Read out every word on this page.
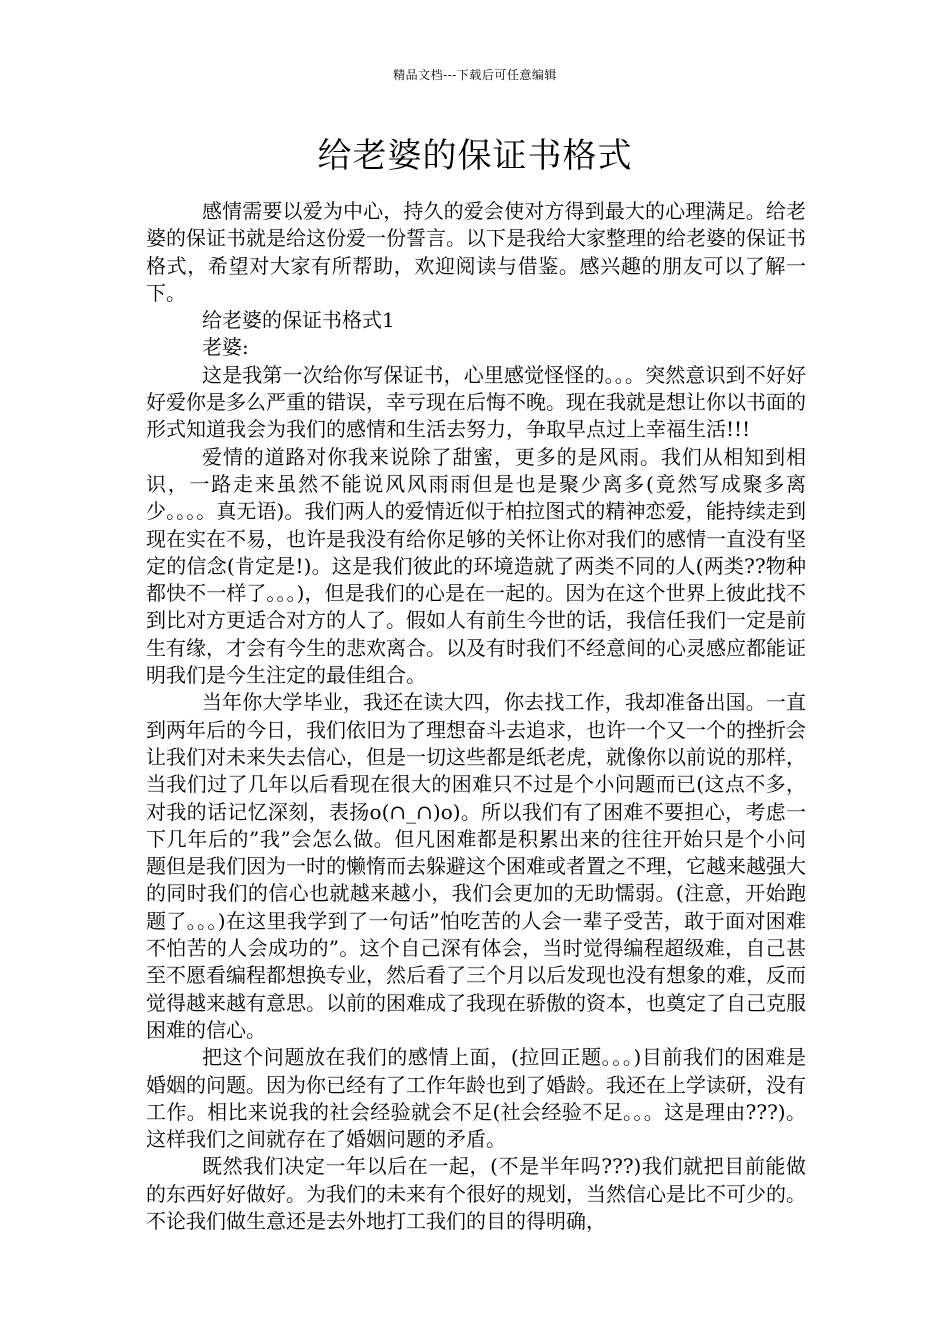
精品文档---下载后可任意编辑
给老婆的保证书格式

感情需要以爱为中心，持久的爱会使对方得到最大的心理满足。给老婆的保证书就是给这份爱一份誓言。以下是我给大家整理的给老婆的保证书格式，希望对大家有所帮助，欢迎阅读与借鉴。感兴趣的朋友可以了解一下。

给老婆的保证书格式1

老婆:

这是我第一次给你写保证书，心里感觉怪怪的。。。突然意识到不好好好爱你是多么严重的错误，幸亏现在后悔不晚。现在我就是想让你以书面的形式知道我会为我们的感情和生活去努力，争取早点过上幸福生活!!!

爱情的道路对你我来说除了甜蜜，更多的是风雨。我们从相知到相识，一路走来虽然不能说风风雨雨但是也是聚少离多(竟然写成聚多离少。。。。真无语)。我们两人的爱情近似于柏拉图式的精神恋爱，能持续走到现在实在不易，也许是我没有给你足够的关怀让你对我们的感情一直没有坚定的信念(肯定是!)。这是我们彼此的环境造就了两类不同的人(两类??物种都快不一样了。。。)，但是我们的心是在一起的。因为在这个世界上彼此找不到比对方更适合对方的人了。假如人有前生今世的话，我信任我们一定是前生有缘，才会有今生的悲欢离合。以及有时我们不经意间的心灵感应都能证明我们是今生注定的最佳组合。

当年你大学毕业，我还在读大四，你去找工作，我却准备出国。一直到两年后的今日，我们依旧为了理想奋斗去追求，也许一个又一个的挫折会让我们对未来失去信心，但是一切这些都是纸老虎，就像你以前说的那样，当我们过了几年以后看现在很大的困难只不过是个小问题而已(这点不多，对我的话记忆深刻，表扬o(∩_∩)o)。所以我们有了困难不要担心，考虑一下几年后的”我”会怎么做。但凡困难都是积累出来的往往开始只是个小问题但是我们因为一时的懒惰而去躲避这个困难或者置之不理，它越来越强大的同时我们的信心也就越来越小，我们会更加的无助懦弱。(注意，开始跑题了。。。)在这里我学到了一句话”怕吃苦的人会一辈子受苦，敢于面对困难不怕苦的人会成功的”。这个自己深有体会，当时觉得编程超级难，自己甚至不愿看编程都想换专业，然后看了三个月以后发现也没有想象的难，反而觉得越来越有意思。以前的困难成了我现在骄傲的资本，也奠定了自己克服困难的信心。

把这个问题放在我们的感情上面，(拉回正题。。。)目前我们的困难是婚姻的问题。因为你已经有了工作年龄也到了婚龄。我还在上学读研，没有工作。相比来说我的社会经验就会不足(社会经验不足。。。这是理由???)。这样我们之间就存在了婚姻问题的矛盾。

既然我们决定一年以后在一起，(不是半年吗???)我们就把目前能做的东西好好做好。为我们的未来有个很好的规划，当然信心是比不可少的。不论我们做生意还是去外地打工我们的目的得明确，
